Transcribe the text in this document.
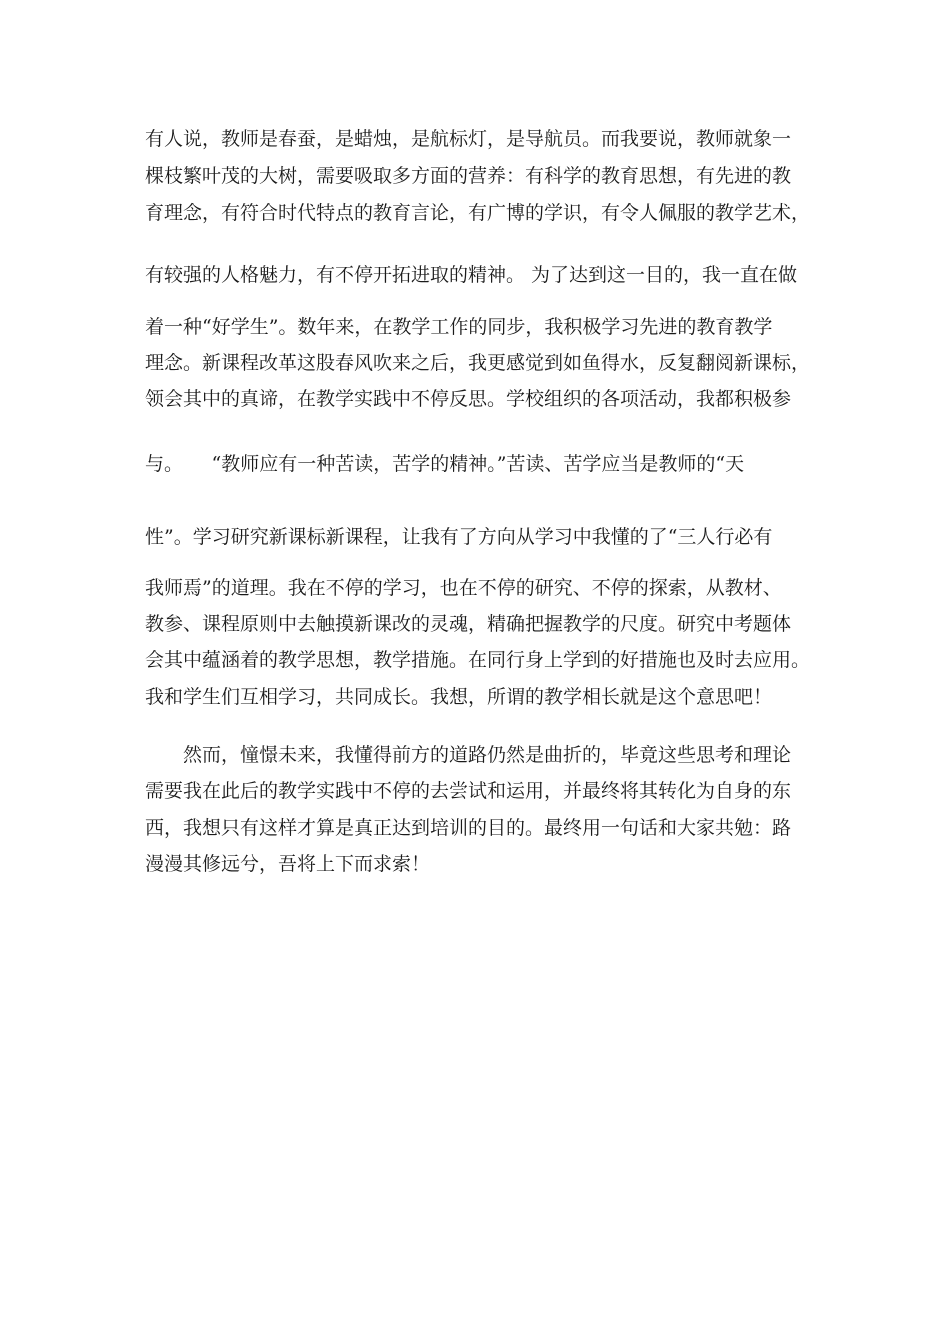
有人说，教师是春蚕，是蜡烛，是航标灯，是导航员。而我要说，教师就象一
棵枝繁叶茂的大树，需要吸取多方面的营养：有科学的教育思想，有先进的教
育理念，有符合时代特点的教育言论，有广博的学识，有令人佩服的教学艺术，
有较强的人格魅力，有不停开拓进取的精神。 为了达到这一目的，我一直在做
着一种“好学生”。数年来，在教学工作的同步，我积极学习先进的教育教学
理念。新课程改革这股春风吹来之后，我更感觉到如鱼得水，反复翻阅新课标，
领会其中的真谛，在教学实践中不停反思。学校组织的各项活动，我都积极参
与。　　“教师应有一种苦读，苦学的精神。”苦读、苦学应当是教师的“天
性”。学习研究新课标新课程，让我有了方向从学习中我懂的了“三人行必有
我师焉”的道理。我在不停的学习，也在不停的研究、不停的探索，从教材、
教参、课程原则中去触摸新课改的灵魂，精确把握教学的尺度。研究中考题体
会其中蕴涵着的教学思想，教学措施。在同行身上学到的好措施也及时去应用。
我和学生们互相学习，共同成长。我想，所谓的教学相长就是这个意思吧！
　　然而，憧憬未来，我懂得前方的道路仍然是曲折的，毕竟这些思考和理论
需要我在此后的教学实践中不停的去尝试和运用，并最终将其转化为自身的东
西，我想只有这样才算是真正达到培训的目的。最终用一句话和大家共勉：路
漫漫其修远兮，吾将上下而求索！
